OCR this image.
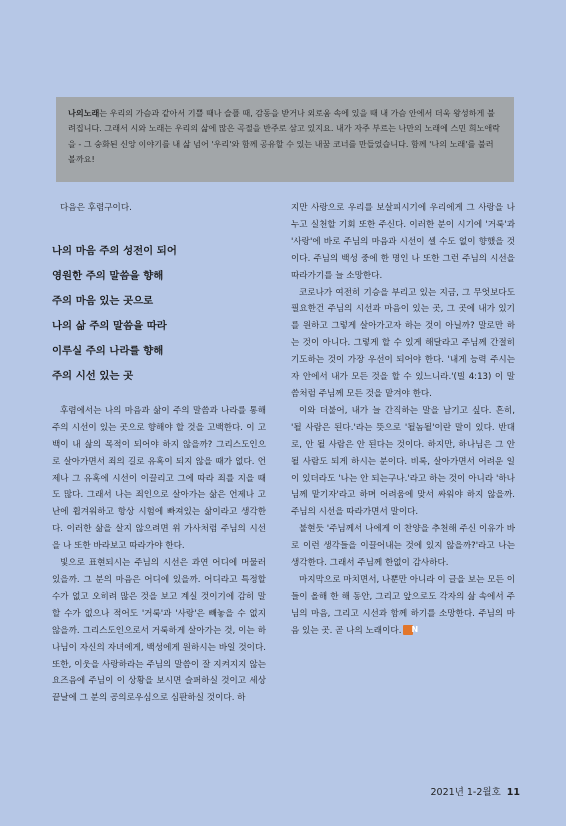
나의노래는 우리의 가슴과 같아서 기쁠 때나 슬플 때, 감동을 받거나 외로움 속에 있을 때 내 가슴 안에서 더욱 왕성하게 불려집니다. 그래서 시와 노래는 우리의 삶에 많은 곡절을 반주로 삼고 있지요. 내가 자주 부르는 나만의 노래에 스민 희노애락을 - 그 숭화된 신앙 이야기를 내 삶 넘어 '우리'와 함께 공유할 수 있는 내꿈 코너를 만들었습니다. 함께 '나의 노래'를 불러 볼까요!

다음은 후렴구이다.

나의 마음 주의 성전이 되어
영원한 주의 말씀을 향해
주의 마음 있는 곳으로
나의 삶 주의 말씀을 따라
이루실 주의 나라를 향해
주의 시선 있는 곳

후렴에서는 나의 마음과 삶이 주의 말씀과 나라를 통해 주의 시선이 있는 곳으로 향해야 할 것을 고백한다. 이 고백이 내 삶의 목적이 되어야 하지 않을까? 그리스도인으로 살아가면서 죄의 길로 유혹이 되지 않을 때가 없다. 언제나 그 유혹에 시선이 이끌리고 그에 따라 죄를 지을 때도 많다. 그래서 나는 죄인으로 살아가는 삶은 언제나 고난에 휩겨워하고 항상 시험에 빠져있는 삶이라고 생각한다. 이러한 삶을 살지 않으려면 위 가사처럼 주님의 시선을 나 또한 바라보고 따라가야 한다.

빛으로 표현되시는 주님의 시선은 과연 어디에 머물러 있을까. 그 분의 마음은 어디에 있을까. 어디라고 특정할 수가 없고 오히려 많은 것을 보고 계실 것이기에 감히 말할 수가 없으나 적어도 '거룩'과 '사랑'은 빼놓을 수 없지 않을까. 그리스도인으로서 거룩하게 살아가는 것, 이는 하나님이 자신의 자녀에게, 백성에게 원하시는 바일 것이다. 또한, 이웃을 사랑하라는 주님의 말씀이 잘 지켜지지 않는 요즈음에 주님이 이 상황을 보시면 슬퍼하실 것이고 세상 끝날에 그 분의 공의로우심으로 심판하실 것이다. 하

지만 사랑으로 우리를 보살피시기에 우리에게 그 사랑을 나누고 실천할 기회 또한 주신다. 이러한 분이 시기에 '거룩'과 '사랑'에 바로 주님의 마음과 시선이 셀 수도 없이 향했을 것이다. 주님의 백성 중에 한 명인 나 또한 그런 주님의 시선을 따라가기를 늘 소망한다.

코로나가 여전히 기승을 부리고 있는 지금, 그 무엇보다도 필요한건 주님의 시선과 마음이 있는 곳, 그 곳에 내가 있기를 원하고 그렇게 살아가고자 하는 것이 아닐까? 말로만 하는 것이 아니다. 그렇게 할 수 있게 해달라고 주님께 간절히 기도하는 것이 가장 우선이 되어야 한다. '내게 능력 주시는 자 안에서 내가 모든 것을 할 수 있느니라.'(빌 4:13) 이 말씀처럼 주님께 모든 것을 맡겨야 한다.

이와 더불어, 내가 늘 간직하는 말을 남기고 싶다. 흔히, '될 사람은 된다.'라는 뜻으로 '될놈될'이란 말이 있다. 반대로, 안 될 사람은 안 된다는 것이다. 하지만, 하나님은 그 안 될 사람도 되게 하시는 분이다. 비록, 살아가면서 어려운 일이 있더라도 '나는 안 되는구나.'라고 하는 것이 아니라 '하나님께 맡기자'라고 하며 어려움에 맞서 싸워야 하지 않을까. 주님의 시선을 따라가면서 말이다.

불현듯 '주님께서 나에게 이 찬양을 추천해 주신 이유가 바로 이런 생각들을 이끌어내는 것에 있지 않을까?'라고 나는 생각한다. 그래서 주님께 한없이 감사하다.

마지막으로 마치면서, 나뿐만 아니라 이 글을 보는 모든 이들이 올해 한 해 동안, 그리고 앞으로도 각자의 삶 속에서 주님의 마음, 그리고 시선과 함께 하기를 소망한다. 주님의 마음 있는 곳. 곧 나의 노래이다. N

2021년 1-2월호 11
